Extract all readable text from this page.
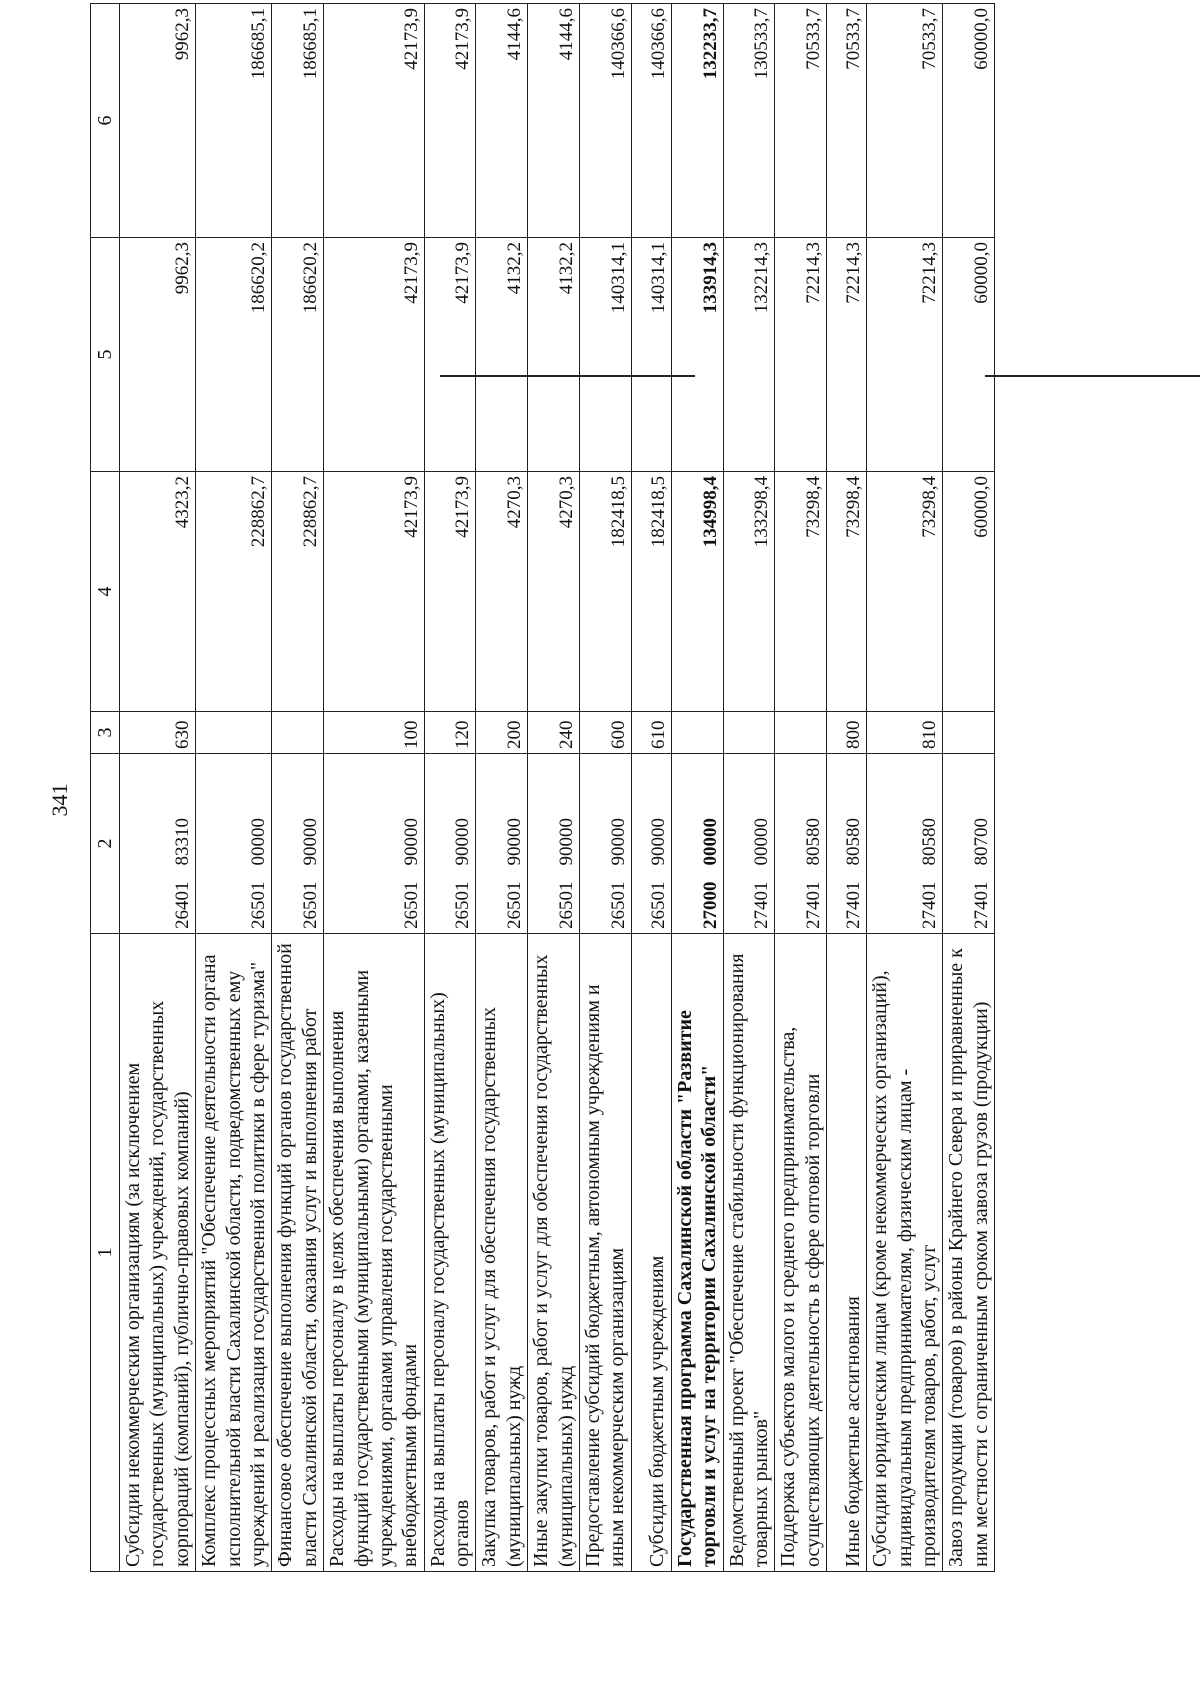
341
1	2	3	4	5	6
Субсидии некоммерческим организациям (за исключением государственных (муниципальных) учреждений, государственных корпораций (компаний), публично-правовых компаний)	2640183310	630	4323,2	9962,3	9962,3
Комплекс процессных мероприятий "Обеспечение деятельности органа исполнительной власти Сахалинской области, подведомственных ему учреждений и реализация государственной политики в сфере туризма"	2650100000		228862,7	186620,2	186685,1
Финансовое обеспечение выполнения функций органов государственной власти Сахалинской области, оказания услуг и выполнения работ	2650190000		228862,7	186620,2	186685,1
Расходы на выплаты персоналу в целях обеспечения выполнения функций государственными (муниципальными) органами, казенными учреждениями, органами управления государственными внебюджетными фондами	2650190000	100	42173,9	42173,9	42173,9
Расходы на выплаты персоналу государственных (муниципальных) органов	2650190000	120	42173,9	42173,9	42173,9
Закупка товаров, работ и услуг для обеспечения государственных (муниципальных) нужд	2650190000	200	4270,3	4132,2	4144,6
Иные закупки товаров, работ и услуг для обеспечения государственных (муниципальных) нужд	2650190000	240	4270,3	4132,2	4144,6
Предоставление субсидий бюджетным, автономным учреждениям и иным некоммерческим организациям	2650190000	600	182418,5	140314,1	140366,6
Субсидии бюджетным учреждениям	2650190000	610	182418,5	140314,1	140366,6
Государственная программа Сахалинской области "Развитие торговли и услуг на территории Сахалинской области"	2700000000		134998,4	133914,3	132233,7
Ведомственный проект "Обеспечение стабильности функционирования товарных рынков"	2740100000		133298,4	132214,3	130533,7
Поддержка субъектов малого и среднего предпринимательства, осуществляющих деятельность в сфере оптовой торговли	2740180580		73298,4	72214,3	70533,7
Иные бюджетные ассигнования	2740180580	800	73298,4	72214,3	70533,7
Субсидии юридическим лицам (кроме некоммерческих организаций), индивидуальным предпринимателям, физическим лицам - производителям товаров, работ, услуг	2740180580	810	73298,4	72214,3	70533,7
Завоз продукции (товаров) в районы Крайнего Севера и приравненные к ним местности с ограниченным сроком завоза грузов (продукции)	2740180700		60000,0	60000,0	60000,0
